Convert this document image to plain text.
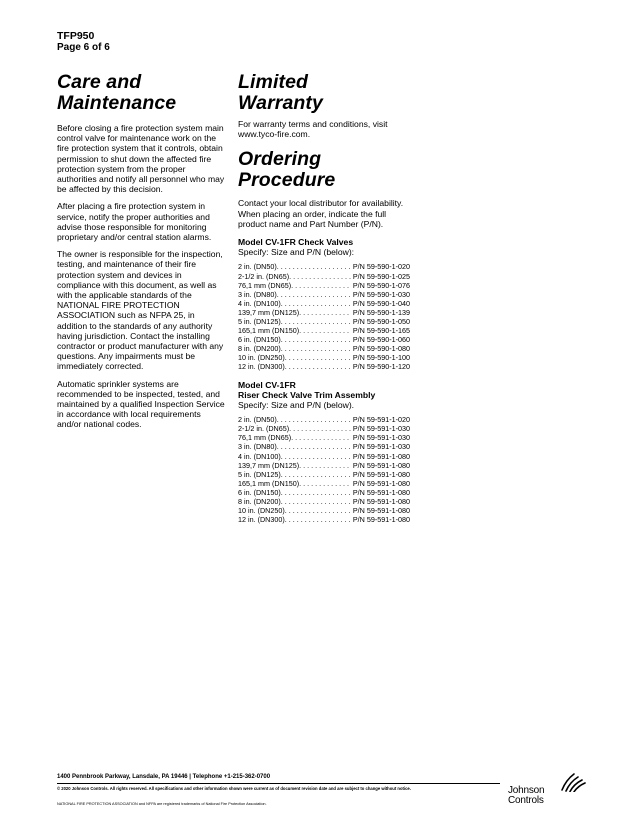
TFP950
Page 6 of 6
Care and
Maintenance

Before closing a fire protection system main control valve for maintenance work on the fire protection system that it controls, obtain permission to shut down the affected fire protection system from the proper authorities and notify all personnel who may be affected by this decision.

After placing a fire protection system in service, notify the proper authorities and advise those responsible for monitoring proprietary and/or central station alarms.

The owner is responsible for the inspection, testing, and maintenance of their fire protection system and devices in compliance with this document, as well as with the applicable standards of the NATIONAL FIRE PROTECTION ASSOCIATION such as NFPA 25, in addition to the standards of any authority having jurisdiction. Contact the installing contractor or product manufacturer with any questions. Any impairments must be immediately corrected.

Automatic sprinkler systems are recommended to be inspected, tested, and maintained by a qualified Inspection Service in accordance with local requirements and/or national codes.

Limited
Warranty

For warranty terms and conditions, visit www.tyco-fire.com.

Ordering
Procedure

Contact your local distributor for availability. When placing an order, indicate the full product name and Part Number (P/N).

Model CV-1FR Check Valves

Specify: Size and P/N (below):

2 in. (DN50) . . .	P/N 59-590-1-020
2-1/2 in. (DN65) . . .	P/N 59-590-1-025
76,1 mm (DN65) . . .	P/N 59-590-1-076
3 in. (DN80) . . .	P/N 59-590-1-030
4 in. (DN100) . . .	P/N 59-590-1-040
139,7 mm (DN125) . . .	P/N 59-590-1-139
5 in. (DN125) . . .	P/N 59-590-1-050
165,1 mm (DN150) . . .	P/N 59-590-1-165
6 in. (DN150) . . .	P/N 59-590-1-060
8 in. (DN200) . . .	P/N 59-590-1-080
10 in. (DN250) . . .	P/N 59-590-1-100
12 in. (DN300) . . .	P/N 59-590-1-120

Model CV-1FR
Riser Check Valve Trim Assembly

Specify: Size and P/N (below).

2 in. (DN50) . . .	P/N 59-591-1-020
2-1/2 in. (DN65) . . .	P/N 59-591-1-030
76,1 mm (DN65) . . .	P/N 59-591-1-030
3 in. (DN80) . . .	P/N 59-591-1-030
4 in. (DN100) . . .	P/N 59-591-1-080
139,7 mm (DN125) . . .	P/N 59-591-1-080
5 in. (DN125) . . .	P/N 59-591-1-080
165,1 mm (DN150) . . .	P/N 59-591-1-080
6 in. (DN150) . . .	P/N 59-591-1-080
8 in. (DN200) . . .	P/N 59-591-1-080
10 in. (DN250) . . .	P/N 59-591-1-080
12 in. (DN300) . . .	P/N 59-591-1-080
1400 Pennbrook Parkway, Lansdale, PA 19446 | Telephone +1-215-362-0700
© 2020 Johnson Controls. All rights reserved. All specifications and other information shown were current as of document revision date and are subject to change without notice.
NATIONAL FIRE PROTECTION ASSOCIATION and NFPA are registered trademarks of National Fire Protection Association.
Johnson
Controls
